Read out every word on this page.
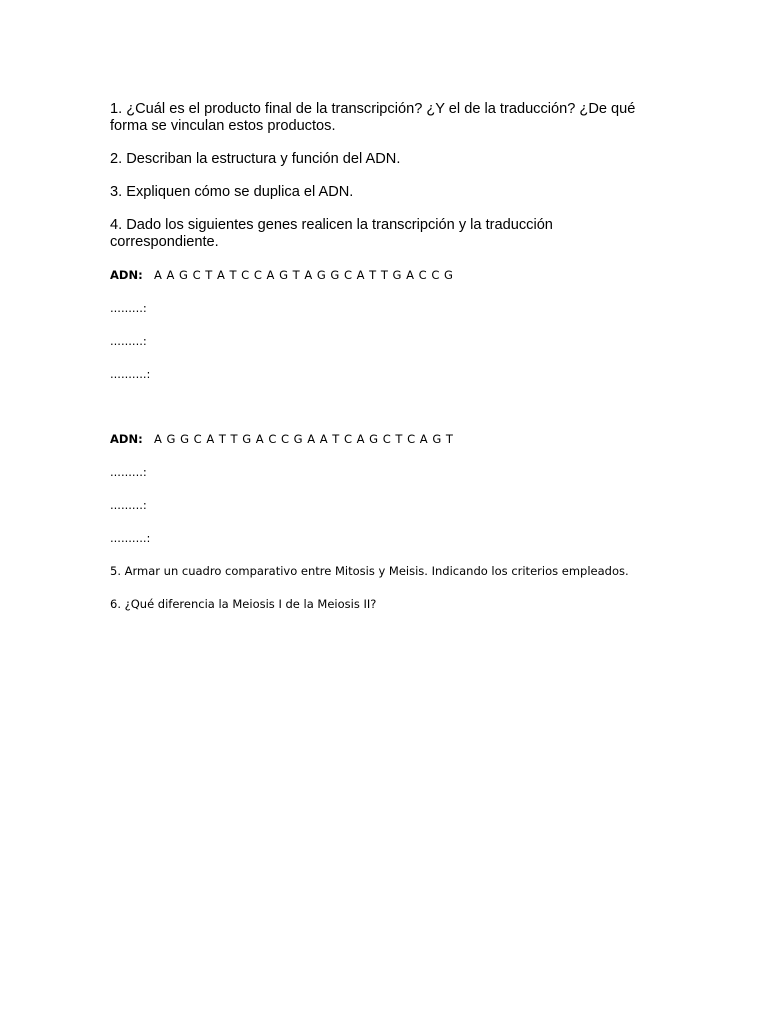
1. ¿Cuál es el producto final de la transcripción? ¿Y el de la traducción? ¿De qué forma se vinculan estos productos.

2. Describan la estructura y función del ADN.

3. Expliquen cómo se duplica el ADN.

4. Dado los siguientes genes realicen la transcripción y la traducción correspondiente.

ADN: A A G C T A T C C A G T A G G C A T T G A C C G

.........:

.........:

..........:

ADN: A G G C A T T G A C C G A A T C A G C T C A G T

.........:

.........:

..........:

5. Armar un cuadro comparativo entre Mitosis y Meisis. Indicando los criterios empleados.

6. ¿Qué diferencia la Meiosis I de la Meiosis II?
